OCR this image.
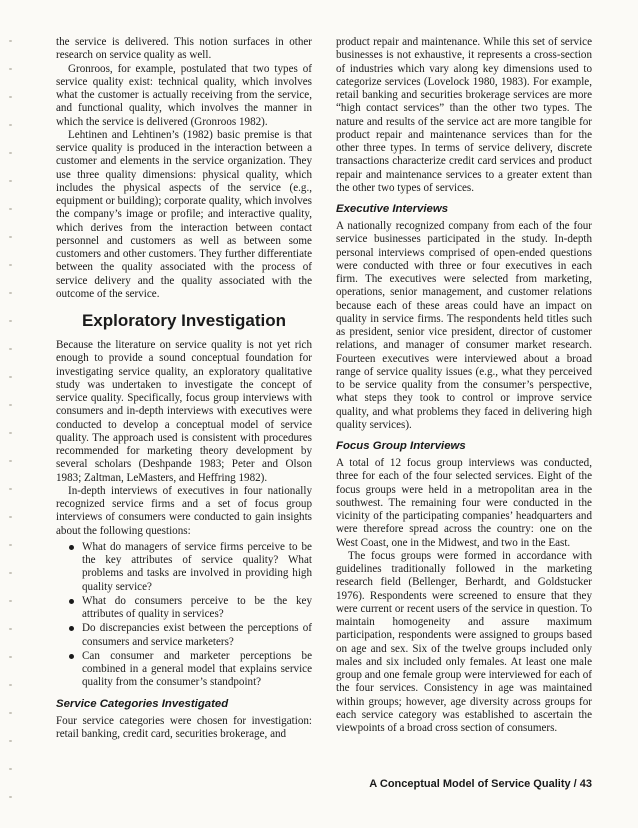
the service is delivered. This notion surfaces in other research on service quality as well.

Gronroos, for example, postulated that two types of service quality exist: technical quality, which involves what the customer is actually receiving from the service, and functional quality, which involves the manner in which the service is delivered (Gronroos 1982).

Lehtinen and Lehtinen’s (1982) basic premise is that service quality is produced in the interaction between a customer and elements in the service organization. They use three quality dimensions: physical quality, which includes the physical aspects of the service (e.g., equipment or building); corporate quality, which involves the company’s image or profile; and interactive quality, which derives from the interaction between contact personnel and customers as well as between some customers and other customers. They further differentiate between the quality associated with the process of service delivery and the quality associated with the outcome of the service.

Exploratory Investigation

Because the literature on service quality is not yet rich enough to provide a sound conceptual foundation for investigating service quality, an exploratory qualitative study was undertaken to investigate the concept of service quality. Specifically, focus group interviews with consumers and in-depth interviews with executives were conducted to develop a conceptual model of service quality. The approach used is consistent with procedures recommended for marketing theory development by several scholars (Deshpande 1983; Peter and Olson 1983; Zaltman, LeMasters, and Heffring 1982).

In-depth interviews of executives in four nationally recognized service firms and a set of focus group interviews of consumers were conducted to gain insights about the following questions:

What do managers of service firms perceive to be the key attributes of service quality? What problems and tasks are involved in providing high quality service?
What do consumers perceive to be the key attributes of quality in services?
Do discrepancies exist between the perceptions of consumers and service marketers?
Can consumer and marketer perceptions be combined in a general model that explains service quality from the consumer’s standpoint?
Service Categories Investigated

Four service categories were chosen for investigation: retail banking, credit card, securities brokerage, and

product repair and maintenance. While this set of service businesses is not exhaustive, it represents a cross-section of industries which vary along key dimensions used to categorize services (Lovelock 1980, 1983). For example, retail banking and securities brokerage services are more “high contact services” than the other two types. The nature and results of the service act are more tangible for product repair and maintenance services than for the other three types. In terms of service delivery, discrete transactions characterize credit card services and product repair and maintenance services to a greater extent than the other two types of services.

Executive Interviews

A nationally recognized company from each of the four service businesses participated in the study. In-depth personal interviews comprised of open-ended questions were conducted with three or four executives in each firm. The executives were selected from marketing, operations, senior management, and customer relations because each of these areas could have an impact on quality in service firms. The respondents held titles such as president, senior vice president, director of customer relations, and manager of consumer market research. Fourteen executives were interviewed about a broad range of service quality issues (e.g., what they perceived to be service quality from the consumer’s perspective, what steps they took to control or improve service quality, and what problems they faced in delivering high quality services).

Focus Group Interviews

A total of 12 focus group interviews was conducted, three for each of the four selected services. Eight of the focus groups were held in a metropolitan area in the southwest. The remaining four were conducted in the vicinity of the participating companies’ headquarters and were therefore spread across the country: one on the West Coast, one in the Midwest, and two in the East.

The focus groups were formed in accordance with guidelines traditionally followed in the marketing research field (Bellenger, Berhardt, and Goldstucker 1976). Respondents were screened to ensure that they were current or recent users of the service in question. To maintain homogeneity and assure maximum participation, respondents were assigned to groups based on age and sex. Six of the twelve groups included only males and six included only females. At least one male group and one female group were interviewed for each of the four services. Consistency in age was maintained within groups; however, age diversity across groups for each service category was established to ascertain the viewpoints of a broad cross section of consumers.

A Conceptual Model of Service Quality / 43
